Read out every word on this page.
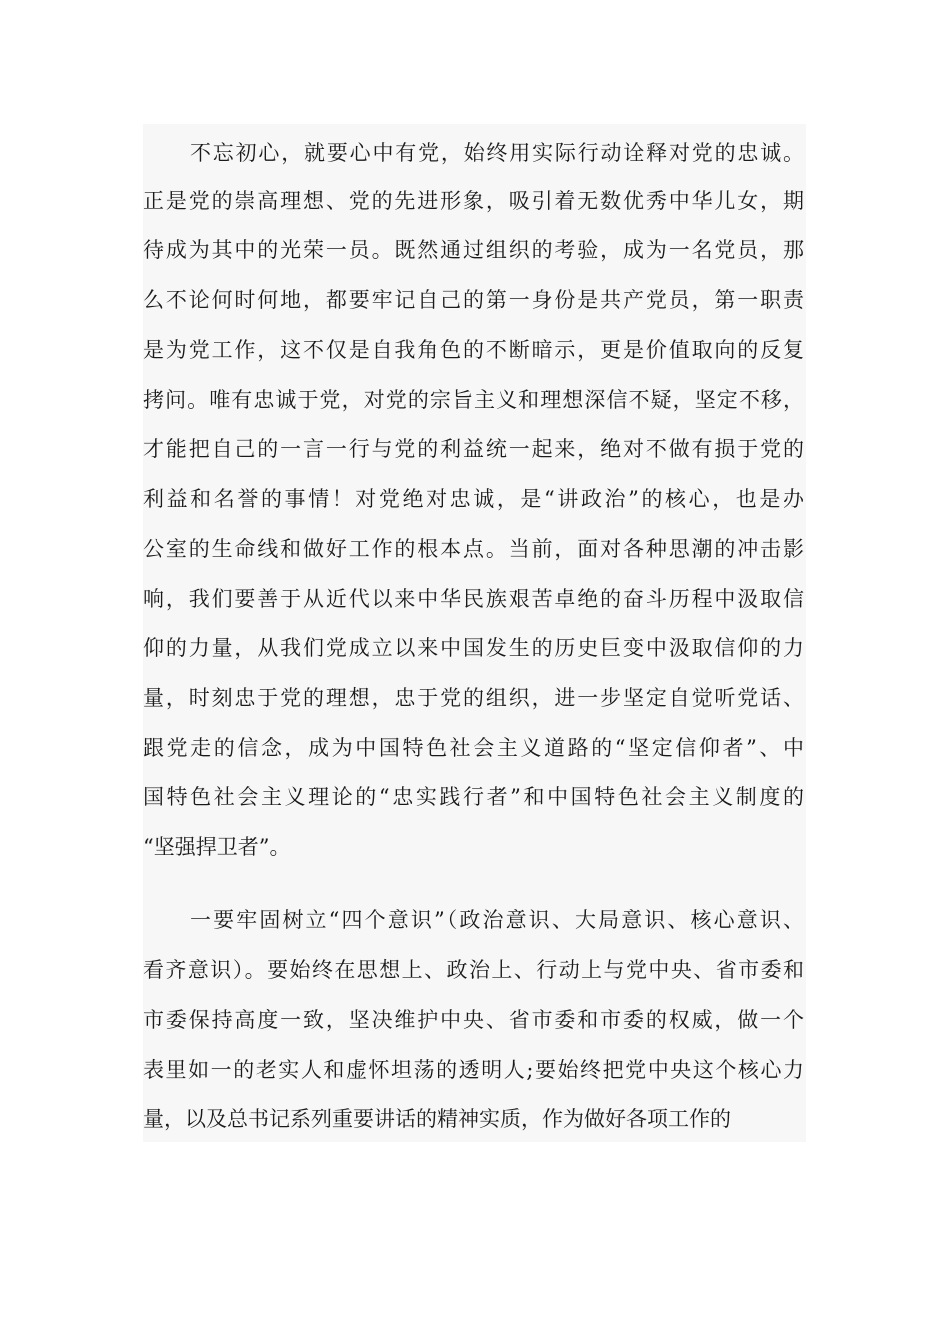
不忘初心，就要心中有党，始终用实际行动诠释对党的忠诚。
正是党的崇高理想、党的先进形象，吸引着无数优秀中华儿女，期
待成为其中的光荣一员。既然通过组织的考验，成为一名党员，那
么不论何时何地，都要牢记自己的第一身份是共产党员，第一职责
是为党工作，这不仅是自我角色的不断暗示，更是价值取向的反复
拷问。唯有忠诚于党，对党的宗旨主义和理想深信不疑，坚定不移，
才能把自己的一言一行与党的利益统一起来，绝对不做有损于党的
利益和名誉的事情！对党绝对忠诚，是“讲政治”的核心，也是办
公室的生命线和做好工作的根本点。当前，面对各种思潮的冲击影
响，我们要善于从近代以来中华民族艰苦卓绝的奋斗历程中汲取信
仰的力量，从我们党成立以来中国发生的历史巨变中汲取信仰的力
量，时刻忠于党的理想，忠于党的组织，进一步坚定自觉听党话、
跟党走的信念，成为中国特色社会主义道路的“坚定信仰者”、中
国特色社会主义理论的“忠实践行者”和中国特色社会主义制度的
“坚强捍卫者”。
一要牢固树立“四个意识”（政治意识、大局意识、核心意识、
看齐意识）。要始终在思想上、政治上、行动上与党中央、省市委和
市委保持高度一致，坚决维护中央、省市委和市委的权威，做一个
表里如一的老实人和虚怀坦荡的透明人;要始终把党中央这个核心力
量，以及总书记系列重要讲话的精神实质，作为做好各项工作的
